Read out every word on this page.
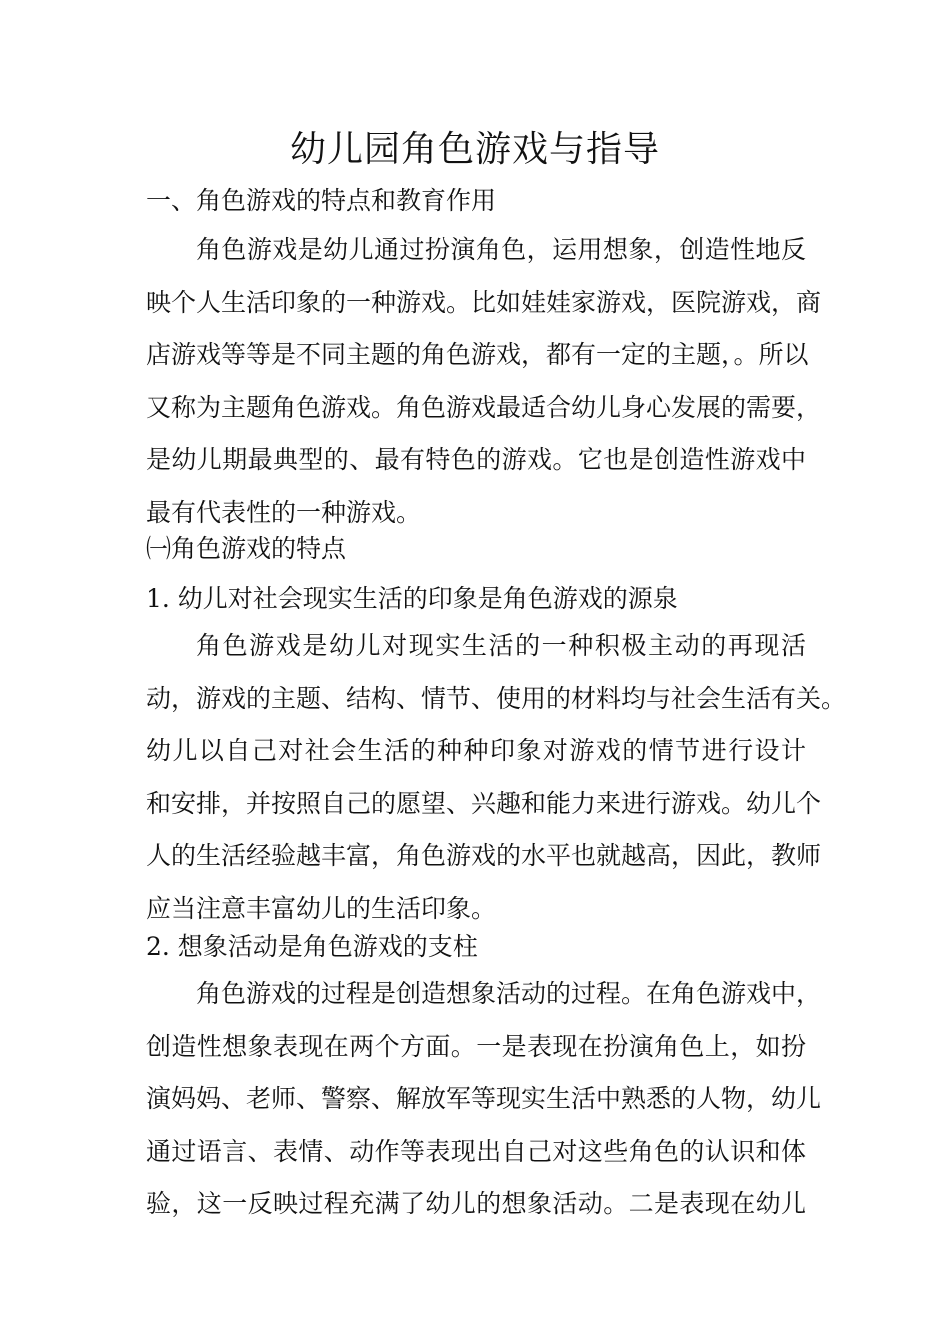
幼儿园角色游戏与指导
一、角色游戏的特点和教育作用
角色游戏是幼儿通过扮演角色，运用想象，创造性地反
映个人生活印象的一种游戏。比如娃娃家游戏，医院游戏，商
店游戏等等是不同主题的角色游戏，都有一定的主题，。所以
又称为主题角色游戏。角色游戏最适合幼儿身心发展的需要，
是幼儿期最典型的、最有特色的游戏。它也是创造性游戏中
最有代表性的一种游戏。
㈠角色游戏的特点
1. 幼儿对社会现实生活的印象是角色游戏的源泉
角色游戏是幼儿对现实生活的一种积极主动的再现活
动，游戏的主题、结构、情节、使用的材料均与社会生活有关。
幼儿以自己对社会生活的种种印象对游戏的情节进行设计
和安排，并按照自己的愿望、兴趣和能力来进行游戏。幼儿个
人的生活经验越丰富，角色游戏的水平也就越高，因此，教师
应当注意丰富幼儿的生活印象。
2. 想象活动是角色游戏的支柱
角色游戏的过程是创造想象活动的过程。在角色游戏中，
创造性想象表现在两个方面。一是表现在扮演角色上，如扮
演妈妈、老师、警察、解放军等现实生活中熟悉的人物，幼儿
通过语言、表情、动作等表现出自己对这些角色的认识和体
验，这一反映过程充满了幼儿的想象活动。二是表现在幼儿
